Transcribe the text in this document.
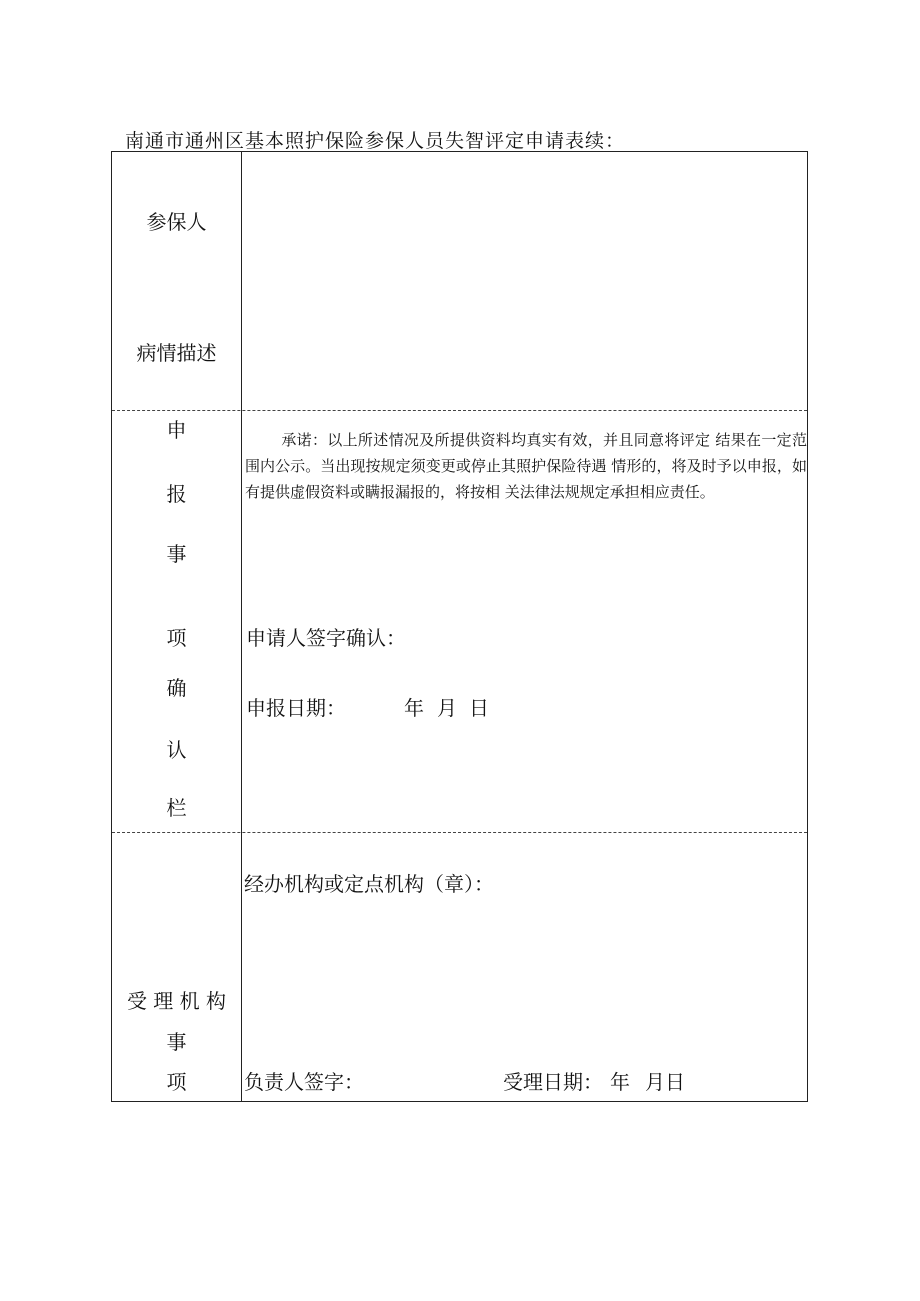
南通市通州区基本照护保险参保人员失智评定申请表续：
参保人
病情描述
申
报
事
项
确
认
栏
承诺：以上所述情况及所提供资料均真实有效，并且同意将评定 结果在一定范围内公示。当出现按规定须变更或停止其照护保险待遇 情形的，将及时予以申报，如有提供虚假资料或瞒报漏报的，将按相 关法律法规规定承担相应责任。
申请人签字确认：
申报日期：	年 月 日
受 理 机 构
事
项
经办机构或定点机构（章）：
负责人签字：	受理日期： 年 月日
